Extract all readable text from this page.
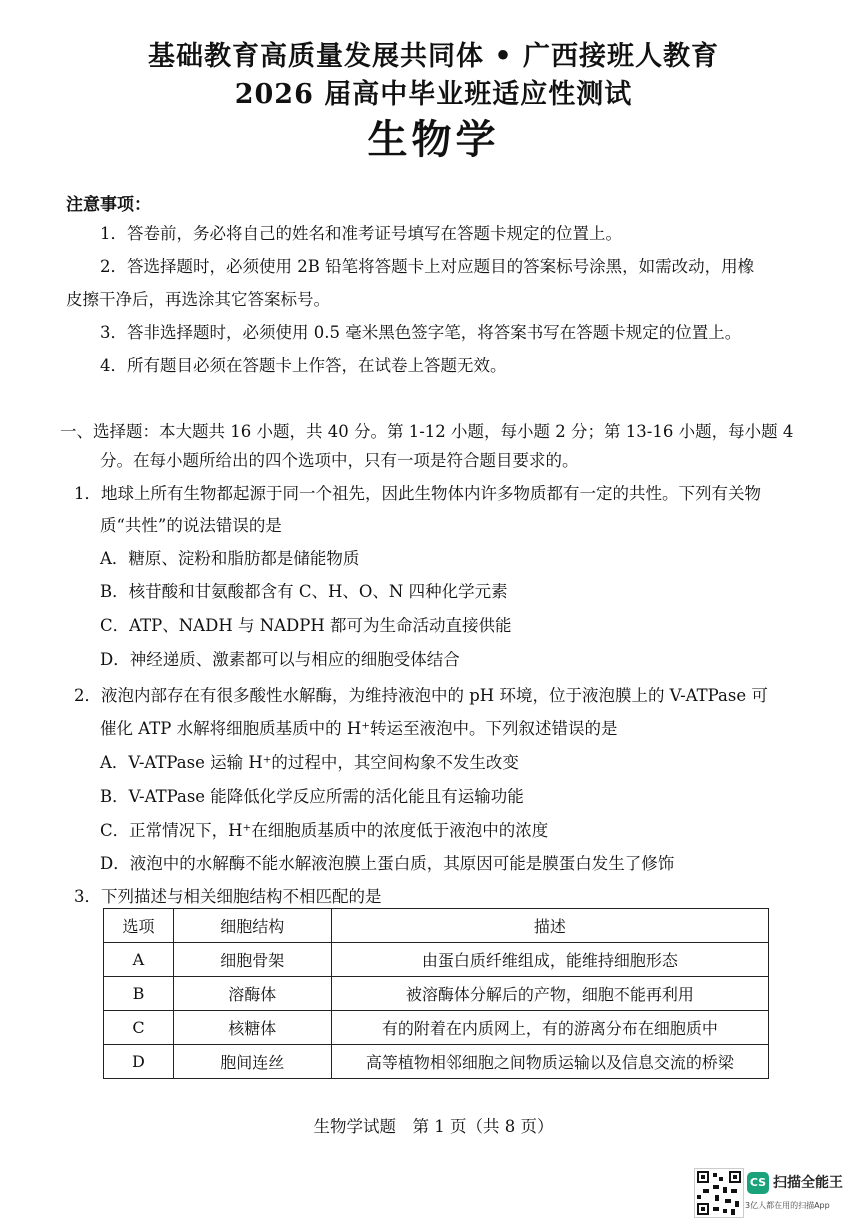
基础教育高质量发展共同体 • 广西接班人教育
2026 届高中毕业班适应性测试
生物学
注意事项：
1．答卷前，务必将自己的姓名和准考证号填写在答题卡规定的位置上。
2．答选择题时，必须使用 2B 铅笔将答题卡上对应题目的答案标号涂黑，如需改动，用橡
皮擦干净后，再选涂其它答案标号。
3．答非选择题时，必须使用 0.5 毫米黑色签字笔，将答案书写在答题卡规定的位置上。
4．所有题目必须在答题卡上作答，在试卷上答题无效。
一、选择题：本大题共 16 小题，共 40 分。第 1-12 小题，每小题 2 分；第 13-16 小题，每小题 4
分。在每小题所给出的四个选项中，只有一项是符合题目要求的。
1．地球上所有生物都起源于同一个祖先，因此生物体内许多物质都有一定的共性。下列有关物
质“共性”的说法错误的是
A．糖原、淀粉和脂肪都是储能物质
B．核苷酸和甘氨酸都含有 C、H、O、N 四种化学元素
C．ATP、NADH 与 NADPH 都可为生命活动直接供能
D．神经递质、激素都可以与相应的细胞受体结合
2．液泡内部存在有很多酸性水解酶，为维持液泡中的 pH 环境，位于液泡膜上的 V-ATPase 可
催化 ATP 水解将细胞质基质中的 H⁺转运至液泡中。下列叙述错误的是
A．V-ATPase 运输 H⁺的过程中，其空间构象不发生改变
B．V-ATPase 能降低化学反应所需的活化能且有运输功能
C．正常情况下，H⁺在细胞质基质中的浓度低于液泡中的浓度
D．液泡中的水解酶不能水解液泡膜上蛋白质，其原因可能是膜蛋白发生了修饰
3．下列描述与相关细胞结构不相匹配的是
选项	细胞结构	描述
A	细胞骨架	由蛋白质纤维组成，能维持细胞形态
B	溶酶体	被溶酶体分解后的产物，细胞不能再利用
C	核糖体	有的附着在内质网上，有的游离分布在细胞质中
D	胞间连丝	高等植物相邻细胞之间物质运输以及信息交流的桥梁
生物学试题　第 1 页（共 8 页）
CS 扫描全能王
3亿人都在用的扫描App
